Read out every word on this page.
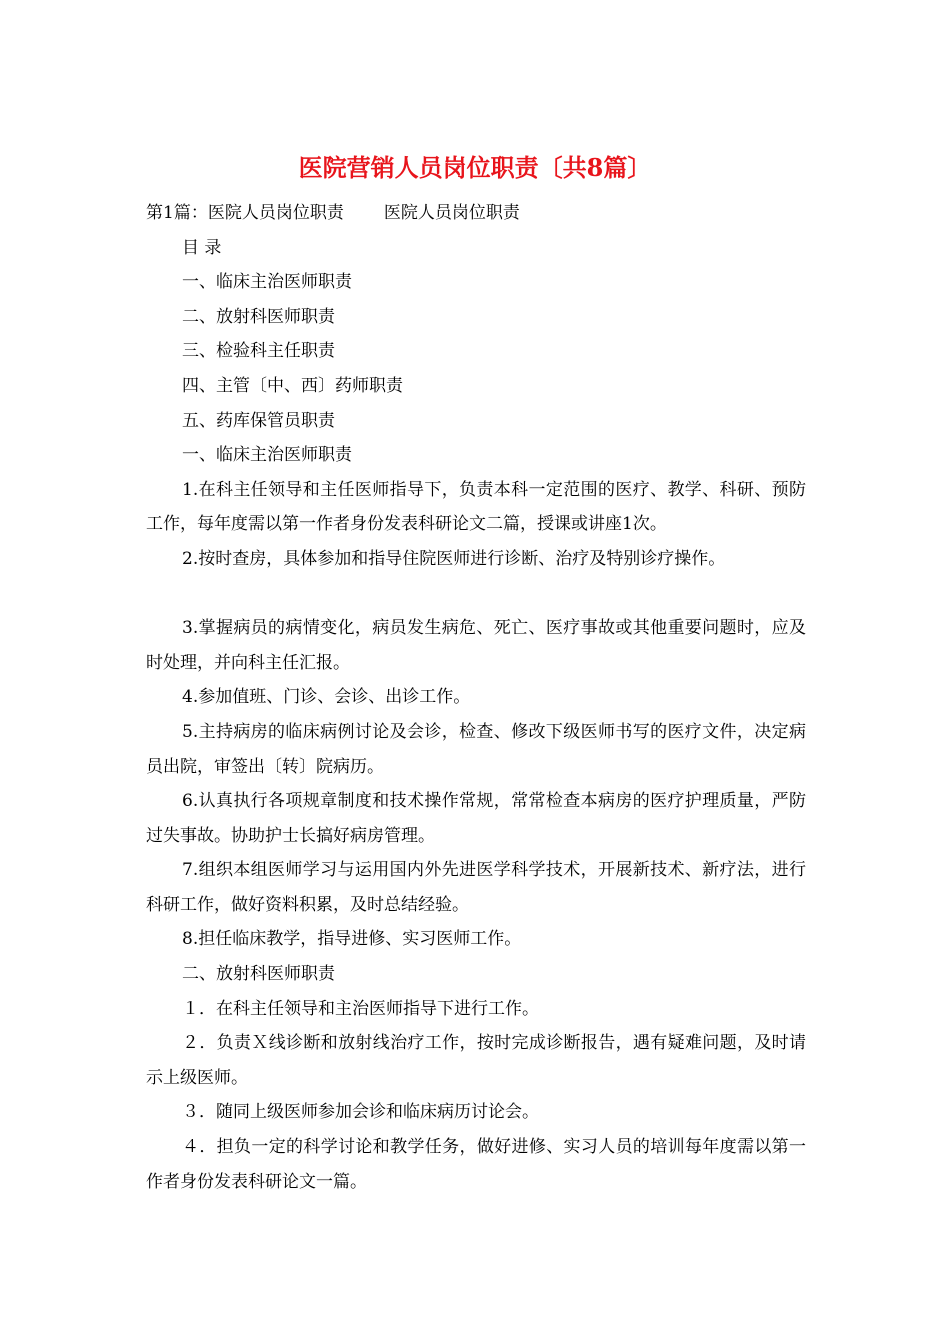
医院营销人员岗位职责〔共8篇〕

第1篇：医院人员岗位职责 医院人员岗位职责

目 录

一、临床主治医师职责

二、放射科医师职责

三、检验科主任职责

四、主管〔中、西〕药师职责

五、药库保管员职责

一、临床主治医师职责

1.在科主任领导和主任医师指导下，负责本科一定范围的医疗、教学、科研、预防工作，每年度需以第一作者身份发表科研论文二篇，授课或讲座1次。

2.按时查房，具体参加和指导住院医师进行诊断、治疗及特别诊疗操作。

3.掌握病员的病情变化，病员发生病危、死亡、医疗事故或其他重要问题时，应及时处理，并向科主任汇报。

4.参加值班、门诊、会诊、出诊工作。

5.主持病房的临床病例讨论及会诊，检查、修改下级医师书写的医疗文件，决定病员出院，审签出〔转〕院病历。

6.认真执行各项规章制度和技术操作常规，常常检查本病房的医疗护理质量，严防过失事故。协助护士长搞好病房管理。

7.组织本组医师学习与运用国内外先进医学科学技术，开展新技术、新疗法，进行科研工作，做好资料积累，及时总结经验。

8.担任临床教学，指导进修、实习医师工作。

二、放射科医师职责

１．在科主任领导和主治医师指导下进行工作。

２．负责Ｘ线诊断和放射线治疗工作，按时完成诊断报告，遇有疑难问题，及时请示上级医师。

３．随同上级医师参加会诊和临床病历讨论会。

４．担负一定的科学讨论和教学任务，做好进修、实习人员的培训每年度需以第一作者身份发表科研论文一篇。
